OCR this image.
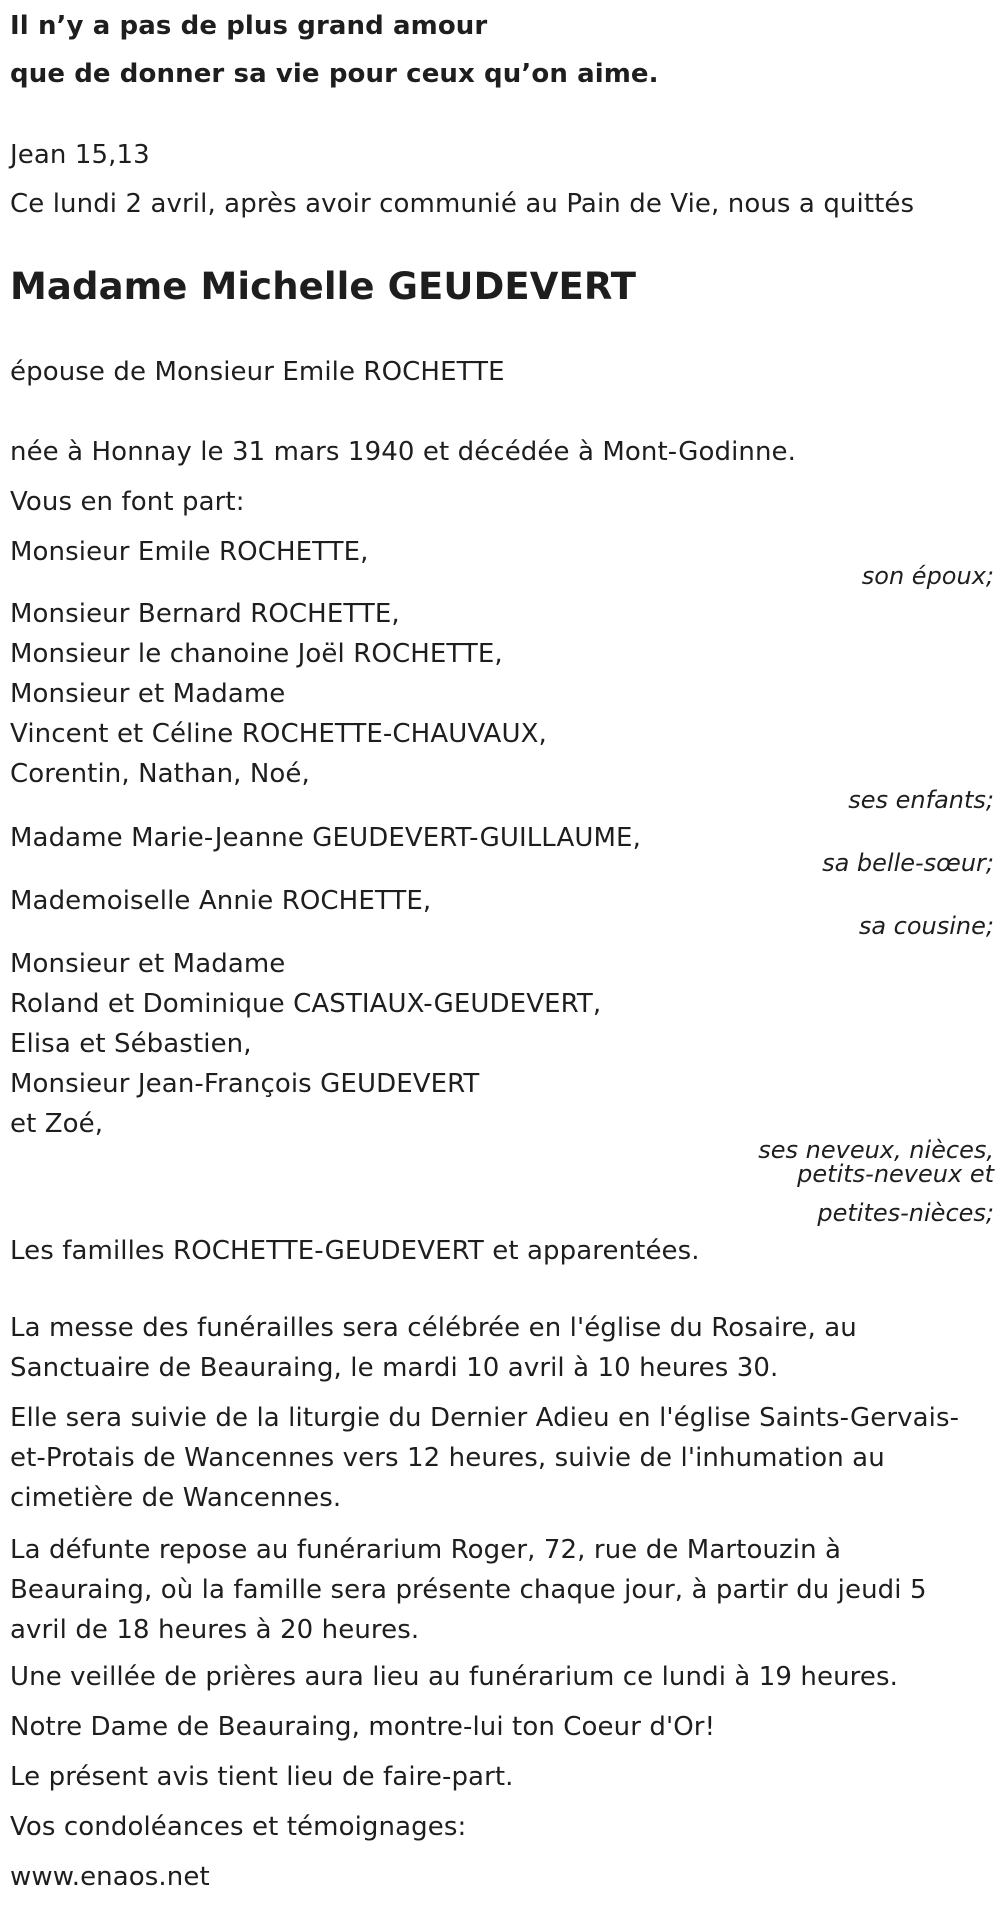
Il n’y a pas de plus grand amour
que de donner sa vie pour ceux qu’on aime.
Jean 15,13
Ce lundi 2 avril, après avoir communié au Pain de Vie, nous a quittés
Madame Michelle GEUDEVERT
épouse de Monsieur Emile ROCHETTE
née à Honnay le 31 mars 1940 et décédée à Mont-Godinne.
Vous en font part:
Monsieur Emile ROCHETTE,
son époux;
Monsieur Bernard ROCHETTE,
Monsieur le chanoine Joël ROCHETTE,
Monsieur et Madame
Vincent et Céline ROCHETTE-CHAUVAUX,
Corentin, Nathan, Noé,
ses enfants;
Madame Marie-Jeanne GEUDEVERT-GUILLAUME,
sa belle-sœur;
Mademoiselle Annie ROCHETTE,
sa cousine;
Monsieur et Madame
Roland et Dominique CASTIAUX-GEUDEVERT,
Elisa et Sébastien,
Monsieur Jean-François GEUDEVERT
et Zoé,
ses neveux, nièces,
petits-neveux et
petites-nièces;
Les familles ROCHETTE-GEUDEVERT et apparentées.
La messe des funérailles sera célébrée en l'église du Rosaire, au
Sanctuaire de Beauraing, le mardi 10 avril à 10 heures 30.
Elle sera suivie de la liturgie du Dernier Adieu en l'église Saints-Gervais-
et-Protais de Wancennes vers 12 heures, suivie de l'inhumation au
cimetière de Wancennes.
La défunte repose au funérarium Roger, 72, rue de Martouzin à
Beauraing, où la famille sera présente chaque jour, à partir du jeudi 5
avril de 18 heures à 20 heures.
Une veillée de prières aura lieu au funérarium ce lundi à 19 heures.
Notre Dame de Beauraing, montre-lui ton Coeur d'Or!
Le présent avis tient lieu de faire-part.
Vos condoléances et témoignages:
www.enaos.net
